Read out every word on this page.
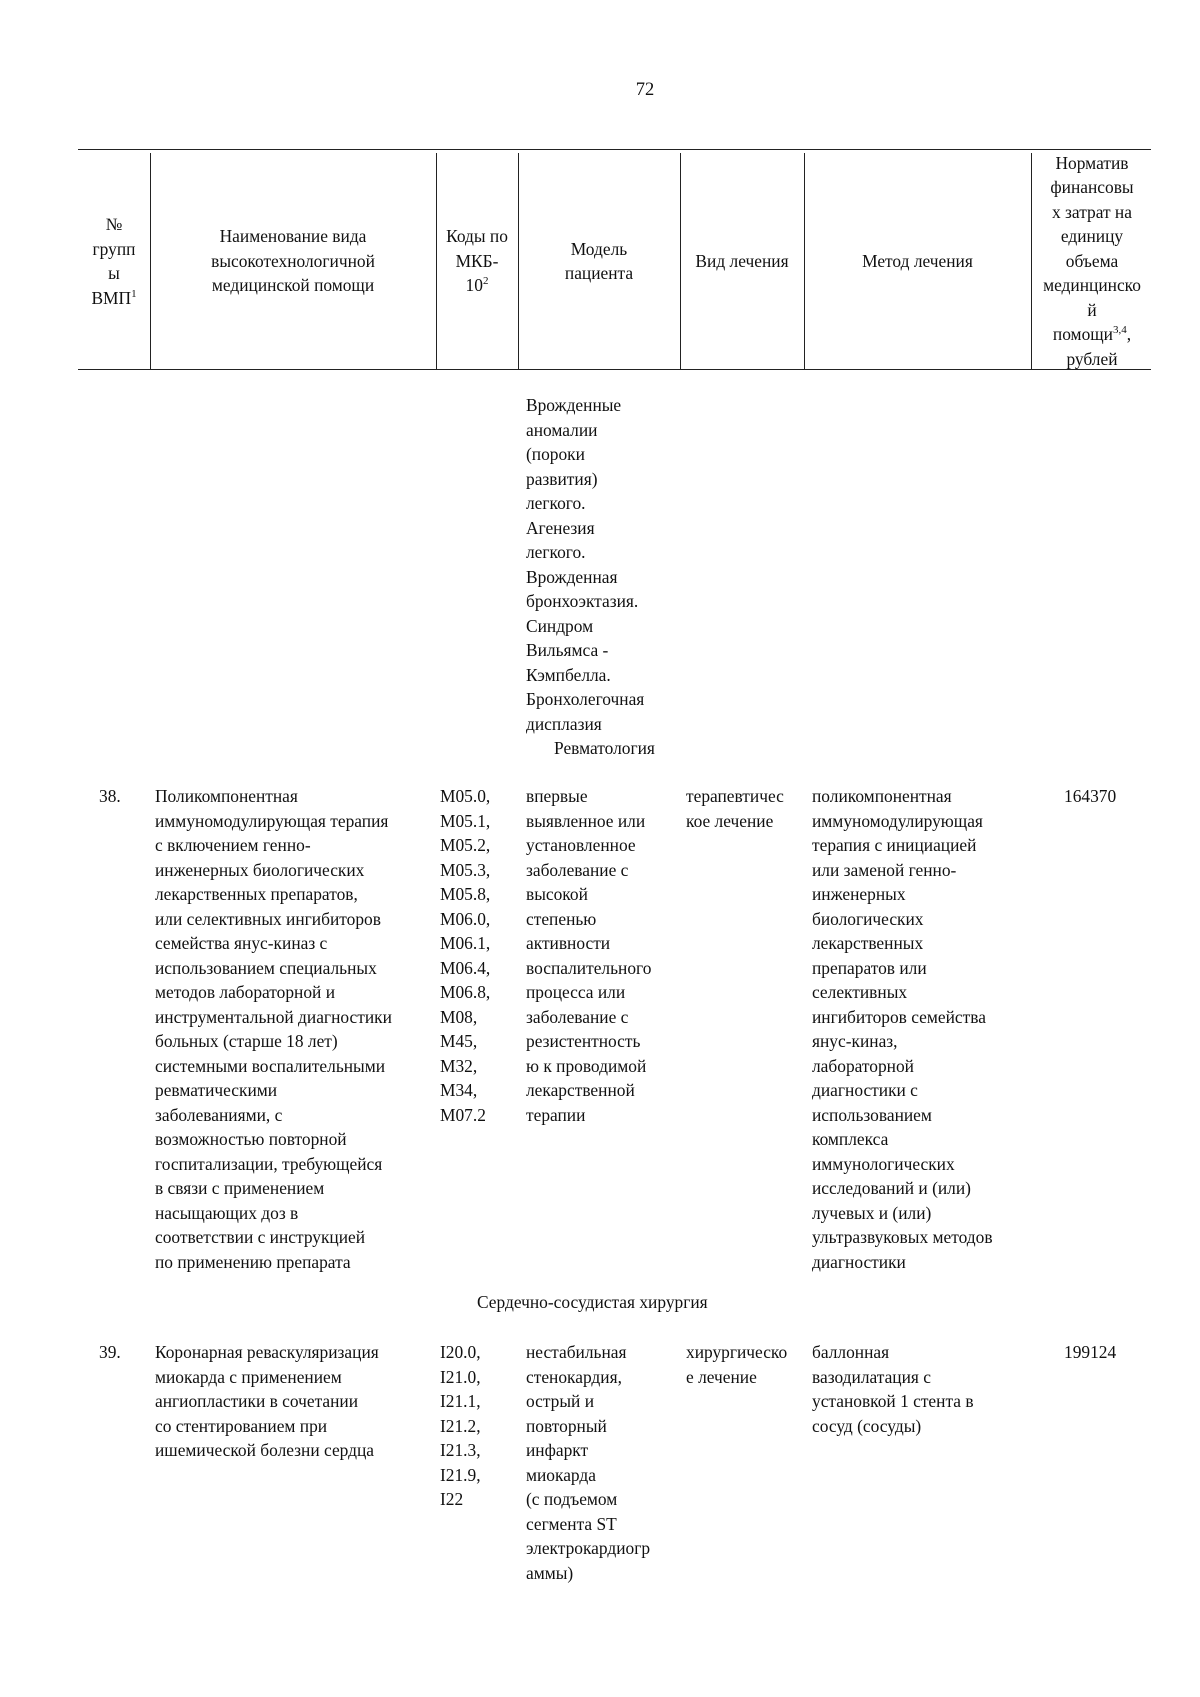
72
№
групп
ы
ВМП$^1$
Наименование вида
высокотехнологичной
медицинской помощи
Коды по
МКБ-
$10^2$
Модель
пациента
Вид лечения	Метод лечения
Норматив
финансовы
х затрат на
единицу
объема
мединцинско
й
помощи$^{3,4}$,
рублей
Врожденные
аномалии
(пороки
развития)
легкого.
Агенезия
легкого.
Врожденная
бронхоэктазия.
Синдром
Вильямса -
Кэмпбелла.
Бронхолегочная
дисплазия
Ревматология
38. Поликомпонентная
иммуномодулирующая терапия
с включением генно-
инженерных биологических
лекарственных препаратов,
или селективных ингибиторов
семейства янус-киназ с
использованием специальных
методов лабораторной и
инструментальной диагностики
больных (старше 18 лет)
системными воспалительными
ревматическими
заболеваниями, с
возможностью повторной
госпитализации, требующейся
в связи с применением
насыщающих доз в
соответствии с инструкцией
по применению препарата
М05.0,
М05.1,
М05.2,
М05.3,
М05.8,
М06.0,
М06.1,
М06.4,
М06.8,
М08,
М45,
М32,
М34,
М07.2
впервые
выявленное или
установленное
заболевание с
высокой
степенью
активности
воспалительного
процесса или
заболевание с
резистентность
ю к проводимой
лекарственной
терапии
терапевтичес
кое лечение
поликомпонентная
иммуномодулирующая
терапия с инициацией
или заменой генно-
инженерных
биологических
лекарственных
препаратов или
селективных
ингибиторов семейства
янус-киназ,
лабораторной
диагностики с
использованием
комплекса
иммунологических
исследований и (или)
лучевых и (или)
ультразвуковых методов
диагностики
164370
Сердечно-сосудистая хирургия
39. Коронарная реваскуляризация
миокарда с применением
ангиопластики в сочетании
со стентированием при
ишемической болезни сердца
I20.0,
I21.0,
I21.1,
I21.2,
I21.3,
I21.9,
I22
нестабильная
стенокардия,
острый и
повторный
инфаркт
миокарда
(с подъемом
сегмента ST
электрокардиогр
аммы)
хирургическо
е лечение
баллонная
вазодилатация с
установкой 1 стента в
сосуд (сосуды)
199124
